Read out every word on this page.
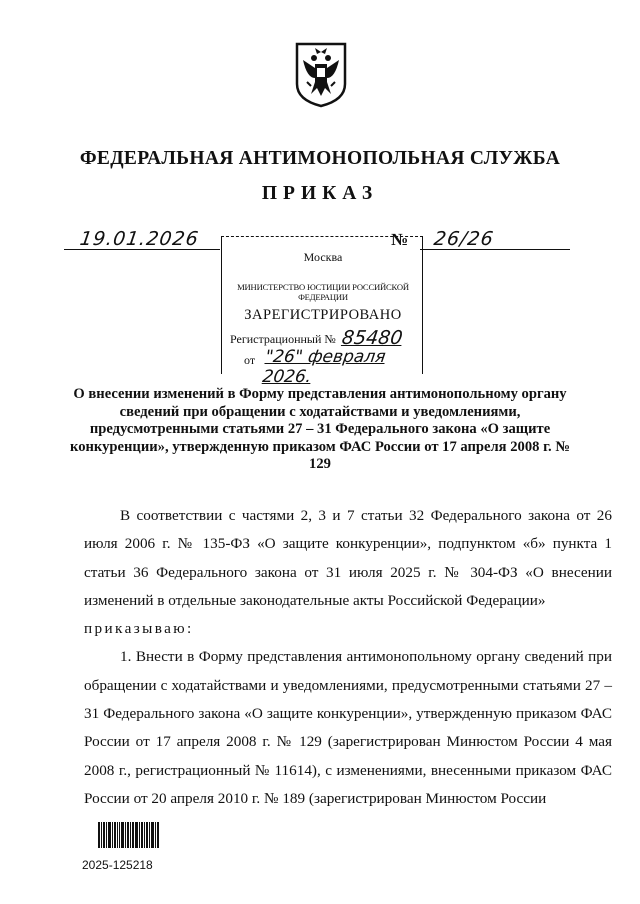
ФЕДЕРАЛЬНАЯ АНТИМОНОПОЛЬНАЯ СЛУЖБА
ПРИКАЗ
19.01.2026	№ 26/26
Москва
МИНИСТЕРСТВО ЮСТИЦИИ РОССИЙСКОЙ ФЕДЕРАЦИИ
ЗАРЕГИСТРИРОВАНО
Регистрационный № 85480
от "26" февраля 2026.
О внесении изменений в Форму представления антимонопольному органу сведений при обращении с ходатайствами и уведомлениями, предусмотренными статьями 27 – 31 Федерального закона «О защите конкуренции», утвержденную приказом ФАС России от 17 апреля 2008 г. № 129

В соответствии с частями 2, 3 и 7 статьи 32 Федерального закона от 26 июля 2006 г. № 135-ФЗ «О защите конкуренции», подпунктом «б» пункта 1 статьи 36 Федерального закона от 31 июля 2025 г. № 304-ФЗ «О внесении изменений в отдельные законодательные акты Российской Федерации»

приказываю:

1. Внести в Форму представления антимонопольному органу сведений при обращении с ходатайствами и уведомлениями, предусмотренными статьями 27 – 31 Федерального закона «О защите конкуренции», утвержденную приказом ФАС России от 17 апреля 2008 г. № 129 (зарегистрирован Минюстом России 4 мая 2008 г., регистрационный № 11614), с изменениями, внесенными приказом ФАС России от 20 апреля 2010 г. № 189 (зарегистрирован Минюстом России

2025-125218
